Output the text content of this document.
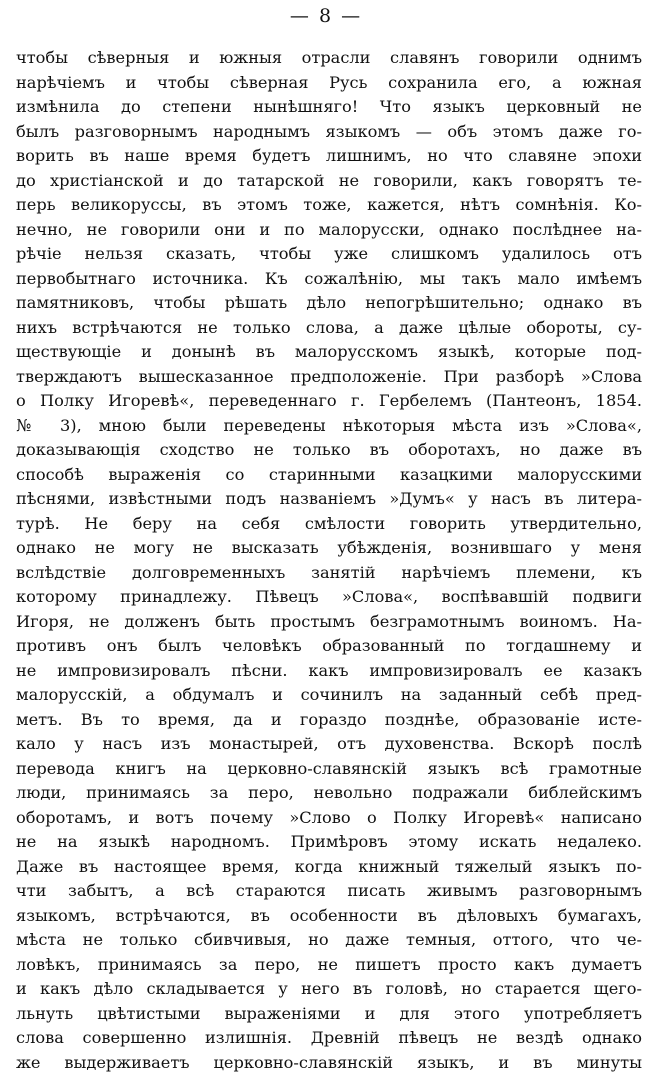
— 8 —
чтобы сѣверныя и южныя отрасли славянъ говорили однимъ
нарѣчіемъ и чтобы сѣверная Русь сохранила его, а южная
измѣнила до степени нынѣшняго! Что языкъ церковный не
былъ разговорнымъ народнымъ языкомъ — объ этомъ даже го-
ворить въ наше время будетъ лишнимъ, но что славяне эпохи
до христіанской и до татарской не говорили, какъ говорятъ те-
перь великоруссы, въ этомъ тоже, кажется, нѣтъ сомнѣнія. Ко-
нечно, не говорили они и по малорусски, однако послѣднее на-
рѣчіе нельзя сказать, чтобы уже слишкомъ удалилось отъ
первобытнаго источника. Къ сожалѣнію, мы такъ мало имѣемъ
памятниковъ, чтобы рѣшать дѣло непогрѣшительно; однако въ
нихъ встрѣчаются не только слова, а даже цѣлые обороты, су-
ществующіе и донынѣ въ малорусскомъ языкѣ, которые под-
тверждаютъ вышесказанное предположеніе. При разборѣ »Слова
о Полку Игоревѣ«, переведеннаго г. Гербелемъ (Пантеонъ, 1854.
№ 3), мною были переведены нѣкоторыя мѣста изъ »Слова«,
доказывающія сходство не только въ оборотахъ, но даже въ
способѣ выраженія со старинными казацкими малорусскими
пѣснями, извѣстными подъ названіемъ »Думъ« у насъ въ литера-
турѣ. Не беру на себя смѣлости говорить утвердительно,
однако не могу не высказать убѣжденія, вознившаго у меня
вслѣдствіе долговременныхъ занятій нарѣчіемъ племени, къ
которому принадлежу. Пѣвецъ »Слова«, воспѣвавшій подвиги
Игоря, не долженъ быть простымъ безграмотнымъ воиномъ. На-
противъ онъ былъ человѣкъ образованный по тогдашнему и
не импровизировалъ пѣсни. какъ импровизировалъ ее казакъ
малорусскій, а обдумалъ и сочинилъ на заданный себѣ пред-
метъ. Въ то время, да и гораздо позднѣе, образованіе исте-
кало у насъ изъ монастырей, отъ духовенства. Вскорѣ послѣ
перевода книгъ на церковно-славянскій языкъ всѣ грамотные
люди, принимаясь за перо, невольно подражали библейскимъ
оборотамъ, и вотъ почему »Слово о Полку Игоревѣ« написано
не на языкѣ народномъ. Примѣровъ этому искать недалеко.
Даже въ настоящее время, когда книжный тяжелый языкъ по-
чти забытъ, а всѣ стараются писать живымъ разговорнымъ
языкомъ, встрѣчаются, въ особенности въ дѣловыхъ бумагахъ,
мѣста не только сбивчивыя, но даже темныя, оттого, что че-
ловѣкъ, принимаясь за перо, не пишетъ просто какъ думаетъ
и какъ дѣло складывается у него въ головѣ, но старается щего-
льнуть цвѣтистыми выраженіями и для этого употребляетъ
слова совершенно излишнія. Древній пѣвецъ не вездѣ однако
же выдерживаетъ церковно-славянскій языкъ, и въ минуты
